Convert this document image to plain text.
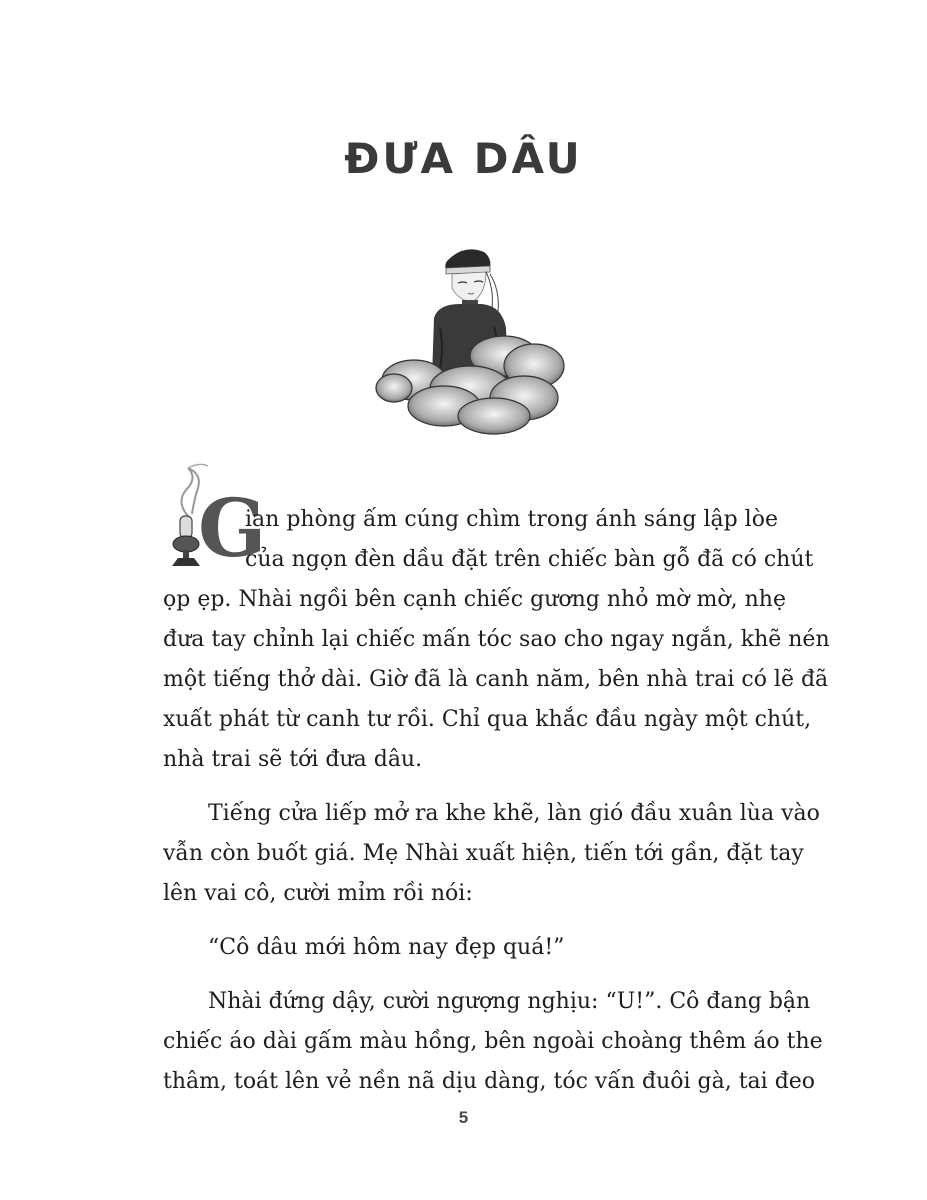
ĐƯA DÂU
G
ian phòng ấm cúng chìm trong ánh sáng lập lòe
của ngọn đèn dầu đặt trên chiếc bàn gỗ đã có chút
ọp ẹp. Nhài ngồi bên cạnh chiếc gương nhỏ mờ mờ, nhẹ
đưa tay chỉnh lại chiếc mấn tóc sao cho ngay ngắn, khẽ nén
một tiếng thở dài. Giờ đã là canh năm, bên nhà trai có lẽ đã
xuất phát từ canh tư rồi. Chỉ qua khắc đầu ngày một chút,
nhà trai sẽ tới đưa dâu.
Tiếng cửa liếp mở ra khe khẽ, làn gió đầu xuân lùa vào
vẫn còn buốt giá. Mẹ Nhài xuất hiện, tiến tới gần, đặt tay
lên vai cô, cười mỉm rồi nói:
“Cô dâu mới hôm nay đẹp quá!”
Nhài đứng dậy, cười ngượng nghịu: “U!”. Cô đang bận
chiếc áo dài gấm màu hồng, bên ngoài choàng thêm áo the
thâm, toát lên vẻ nền nã dịu dàng, tóc vấn đuôi gà, tai đeo
5
